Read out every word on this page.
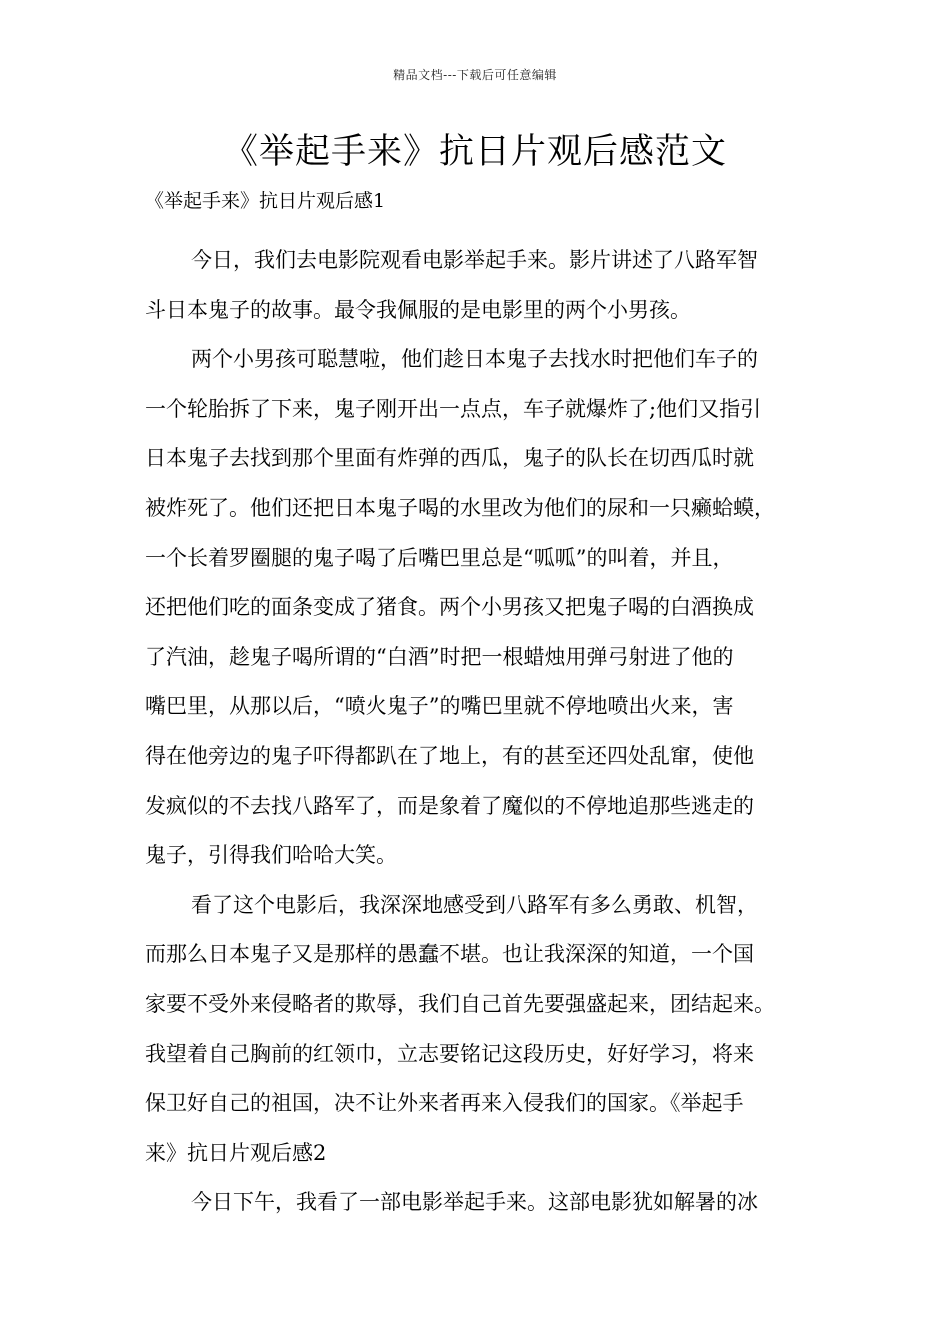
精品文档---下载后可任意编辑
《举起手来》抗日片观后感范文
《举起手来》抗日片观后感1
今日，我们去电影院观看电影举起手来。影片讲述了八路军智
斗日本鬼子的故事。最令我佩服的是电影里的两个小男孩。
两个小男孩可聪慧啦，他们趁日本鬼子去找水时把他们车子的
一个轮胎拆了下来，鬼子刚开出一点点，车子就爆炸了;他们又指引
日本鬼子去找到那个里面有炸弹的西瓜，鬼子的队长在切西瓜时就
被炸死了。他们还把日本鬼子喝的水里改为他们的尿和一只癞蛤蟆，
一个长着罗圈腿的鬼子喝了后嘴巴里总是“呱呱”的叫着，并且，
还把他们吃的面条变成了猪食。两个小男孩又把鬼子喝的白酒换成
了汽油，趁鬼子喝所谓的“白酒”时把一根蜡烛用弹弓射进了他的
嘴巴里，从那以后，“喷火鬼子”的嘴巴里就不停地喷出火来，害
得在他旁边的鬼子吓得都趴在了地上，有的甚至还四处乱窜，使他
发疯似的不去找八路军了，而是象着了魔似的不停地追那些逃走的
鬼子，引得我们哈哈大笑。
看了这个电影后，我深深地感受到八路军有多么勇敢、机智，
而那么日本鬼子又是那样的愚蠢不堪。也让我深深的知道，一个国
家要不受外来侵略者的欺辱，我们自己首先要强盛起来，团结起来。
我望着自己胸前的红领巾，立志要铭记这段历史，好好学习，将来
保卫好自己的祖国，决不让外来者再来入侵我们的国家。《举起手
来》抗日片观后感2
今日下午，我看了一部电影举起手来。这部电影犹如解暑的冰
